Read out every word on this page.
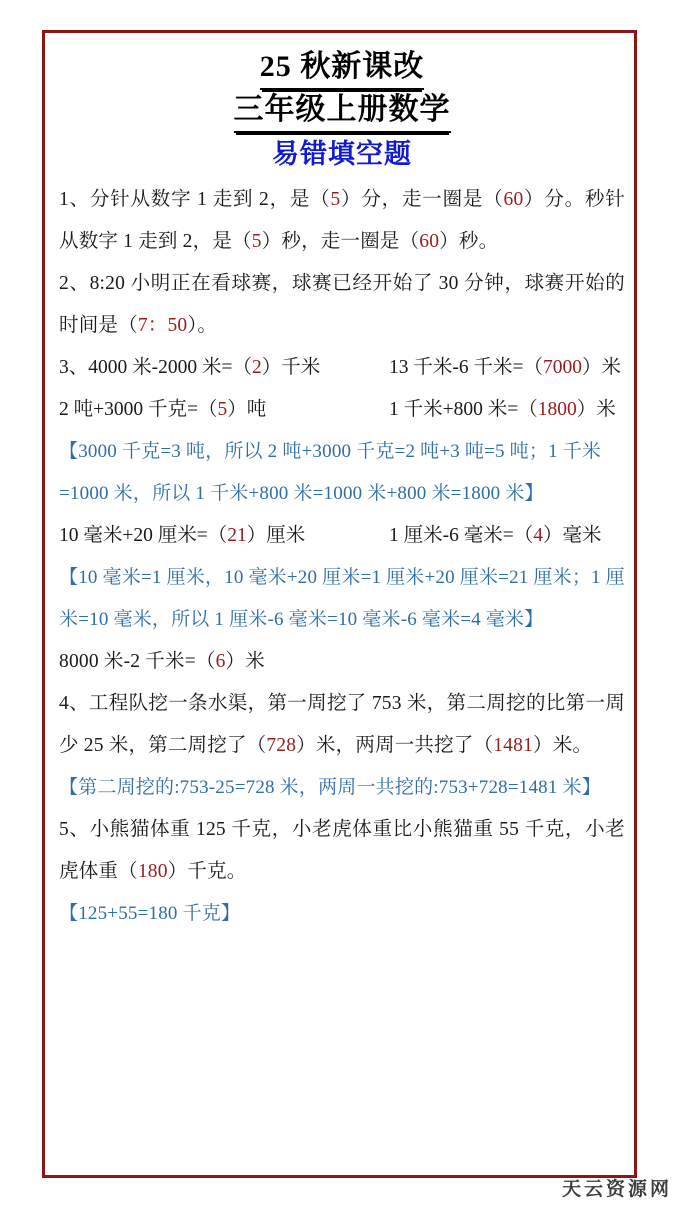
25 秋新课改
三年级上册数学
易错填空题

1、分针从数字 1 走到 2，是（5）分，走一圈是（60）分。秒针从数字 1 走到 2，是（5）秒，走一圈是（60）秒。

2、8:20 小明正在看球赛，球赛已经开始了 30 分钟，球赛开始的时间是（7：50）。

3、4000 米-2000 米=（2）千米	13 千米-6 千米=（7000）米
2 吨+3000 千克=（5）吨	1 千米+800 米=（1800）米

【3000 千克=3 吨，所以 2 吨+3000 千克=2 吨+3 吨=5 吨；1 千米=1000 米，所以 1 千米+800 米=1000 米+800 米=1800 米】

10 毫米+20 厘米=（21）厘米	1 厘米-6 毫米=（4）毫米

【10 毫米=1 厘米，10 毫米+20 厘米=1 厘米+20 厘米=21 厘米；1 厘米=10 毫米，所以 1 厘米-6 毫米=10 毫米-6 毫米=4 毫米】

8000 米-2 千米=（6）米

4、工程队挖一条水渠，第一周挖了 753 米，第二周挖的比第一周少 25 米，第二周挖了（728）米，两周一共挖了（1481）米。

【第二周挖的:753-25=728 米，两周一共挖的:753+728=1481 米】

5、小熊猫体重 125 千克，小老虎体重比小熊猫重 55 千克，小老虎体重（180）千克。

【125+55=180 千克】

天云资源网
